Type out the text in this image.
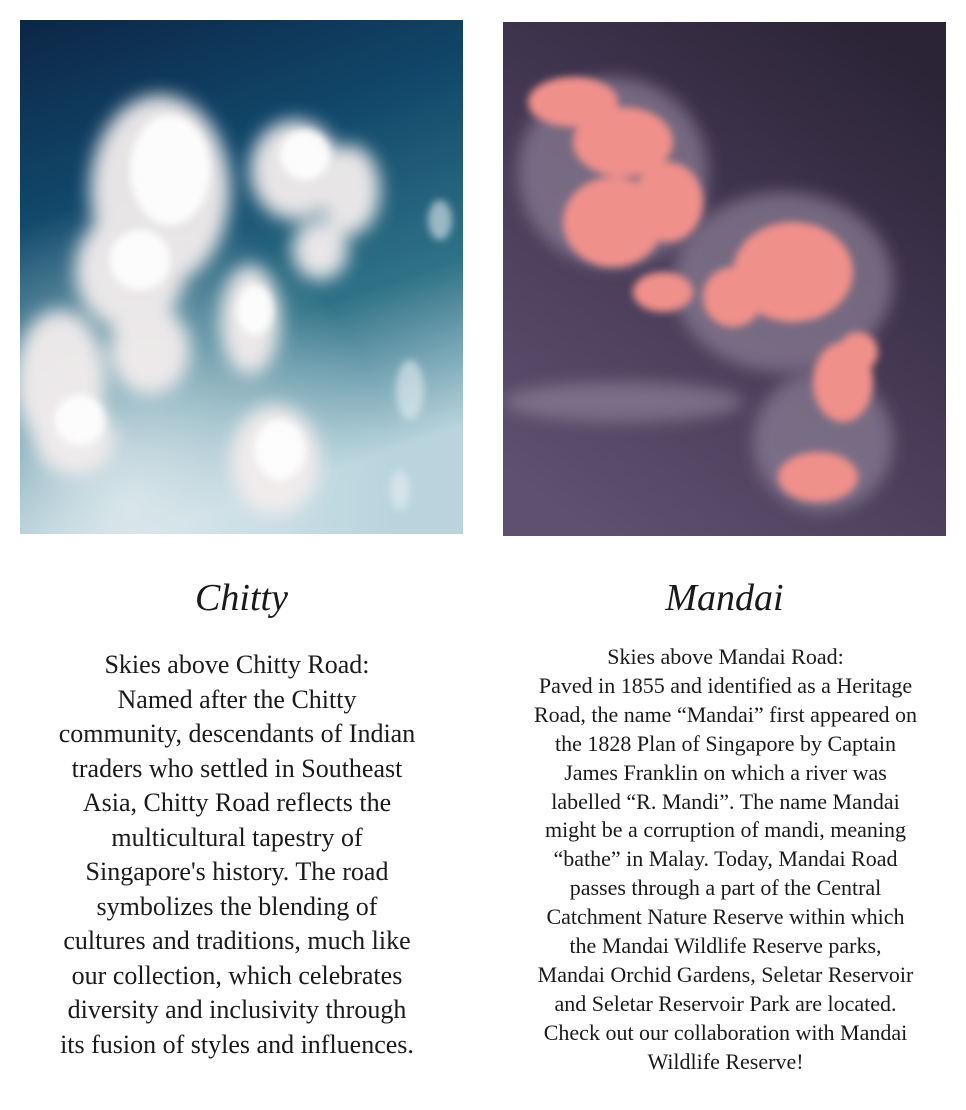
Chitty	Mandai

Skies above Chitty Road:
Named after the Chitty
community, descendants of Indian
traders who settled in Southeast
Asia, Chitty Road reflects the
multicultural tapestry of
Singapore's history. The road
symbolizes the blending of
cultures and traditions, much like
our collection, which celebrates
diversity and inclusivity through
its fusion of styles and influences.

Skies above Mandai Road:
Paved in 1855 and identified as a Heritage
Road, the name “Mandai” first appeared on
the 1828 Plan of Singapore by Captain
James Franklin on which a river was
labelled “R. Mandi”. The name Mandai
might be a corruption of mandi, meaning
“bathe” in Malay. Today, Mandai Road
passes through a part of the Central
Catchment Nature Reserve within which
the Mandai Wildlife Reserve parks,
Mandai Orchid Gardens, Seletar Reservoir
and Seletar Reservoir Park are located.
Check out our collaboration with Mandai
Wildlife Reserve!
